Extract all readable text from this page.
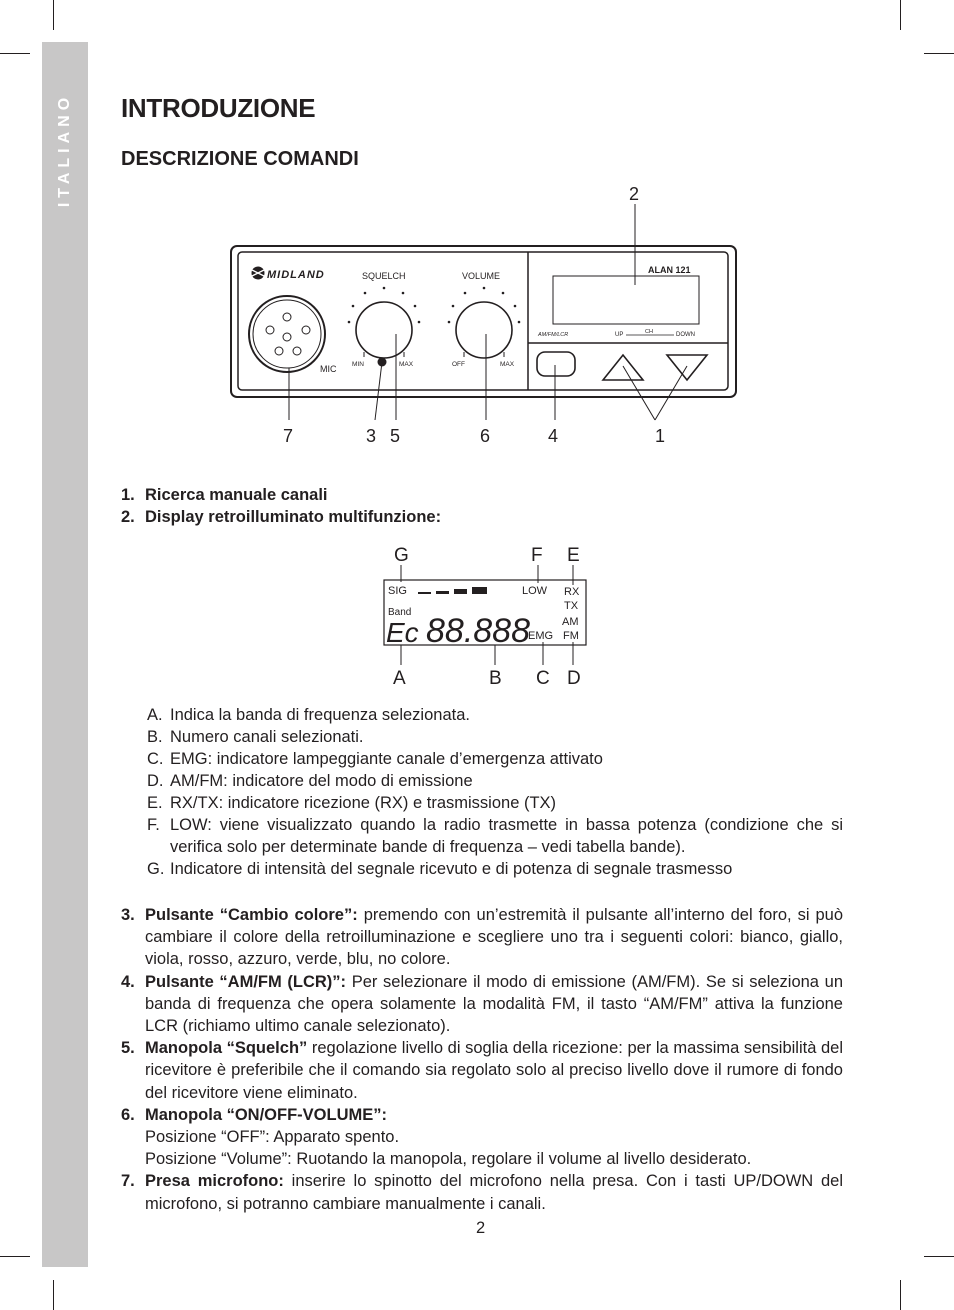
ITALIANO INTRODUZIONE
DESCRIZIONE COMANDI
MIDLAND
MIC
SQUELCH
MIN	MAX
VOLUME
OFF	MAX
ALAN 121
AM/FM/LCR	UP	CH	DOWN
2
7	3 5	6	4	1
1. Ricerca manuale canali
2. Display retroilluminato multifunzione:
SIG	LOW RX
TX
Band
AM
EMG FM
Ec 88.888
G	F E
A	B C D
A. Indica la banda di frequenza selezionata.
B. Numero canali selezionati.
C. EMG: indicatore lampeggiante canale d’emergenza attivato
D. AM/FM: indicatore del modo di emissione
E. RX/TX: indicatore ricezione (RX) e trasmissione (TX)
F. LOW: viene visualizzato quando la radio trasmette in bassa potenza (condizione che si verifica solo per determinate bande di frequenza – vedi tabella bande).
G. Indicatore di intensità del segnale ricevuto e di potenza di segnale trasmesso
3. Pulsante “Cambio colore”: premendo con un’estremità il pulsante all’interno del foro, si può cambiare il colore della retroilluminazione e scegliere uno tra i seguenti colori: bianco, giallo, viola, rosso, azzuro, verde, blu, no colore.
4. Pulsante “AM/FM (LCR)”: Per selezionare il modo di emissione (AM/FM). Se si seleziona un banda di frequenza che opera solamente la modalità FM, il tasto “AM/FM” attiva la funzione LCR (richiamo ultimo canale selezionato).
5. Manopola “Squelch” regolazione livello di soglia della ricezione: per la massima sensibilità del ricevitore è preferibile che il comando sia regolato solo al preciso livello dove il rumore di fondo del ricevitore viene eliminato.
6. Manopola “ON/OFF-VOLUME”:
Posizione “OFF”: Apparato spento.
Posizione “Volume”: Ruotando la manopola, regolare il volume al livello desiderato.
7. Presa microfono: inserire lo spinotto del microfono nella presa. Con i tasti UP/DOWN del microfono, si potranno cambiare manualmente i canali.
2
